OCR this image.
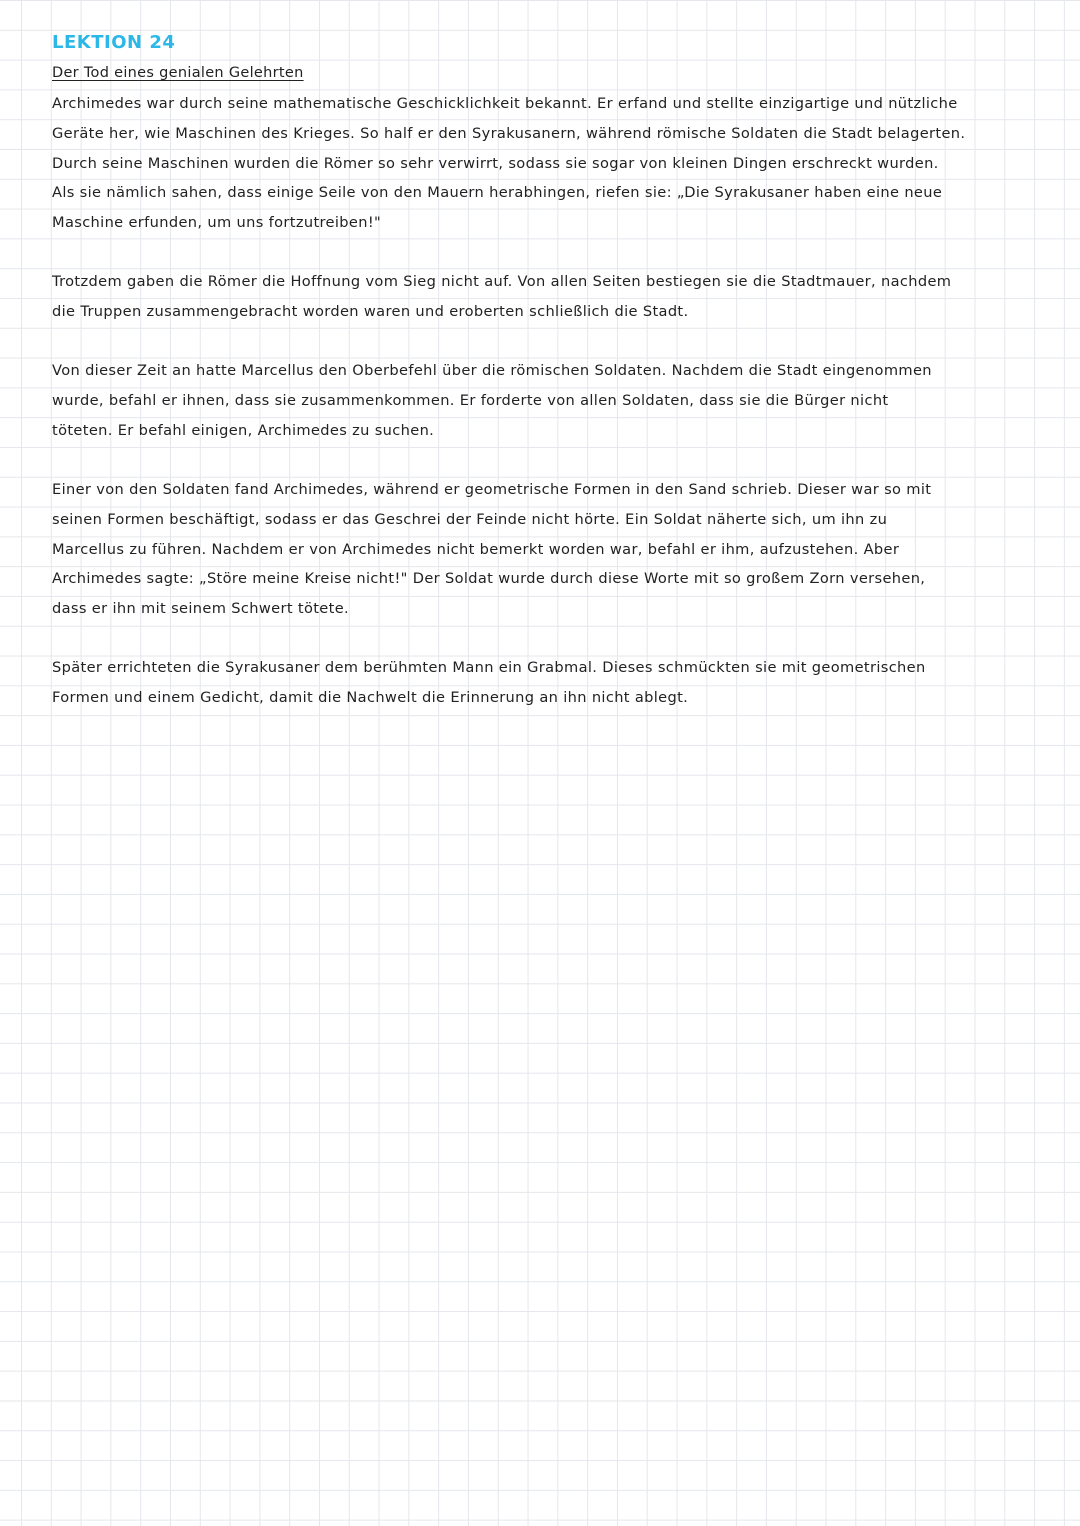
LEKTION 24
Der Tod eines genialen Gelehrten
Archimedes war durch seine mathematische Geschicklichkeit bekannt. Er erfand und stellte einzigartige und nützliche
Geräte her, wie Maschinen des Krieges. So half er den Syrakusanern, während römische Soldaten die Stadt belagerten.
Durch seine Maschinen wurden die Römer so sehr verwirrt, sodass sie sogar von kleinen Dingen erschreckt wurden.
Als sie nämlich sahen, dass einige Seile von den Mauern herabhingen, riefen sie: „Die Syrakusaner haben eine neue
Maschine erfunden, um uns fortzutreiben!"
Trotzdem gaben die Römer die Hoffnung vom Sieg nicht auf. Von allen Seiten bestiegen sie die Stadtmauer, nachdem
die Truppen zusammengebracht worden waren und eroberten schließlich die Stadt.
Von dieser Zeit an hatte Marcellus den Oberbefehl über die römischen Soldaten. Nachdem die Stadt eingenommen
wurde, befahl er ihnen, dass sie zusammenkommen. Er forderte von allen Soldaten, dass sie die Bürger nicht
töteten. Er befahl einigen, Archimedes zu suchen.
Einer von den Soldaten fand Archimedes, während er geometrische Formen in den Sand schrieb. Dieser war so mit
seinen Formen beschäftigt, sodass er das Geschrei der Feinde nicht hörte. Ein Soldat näherte sich, um ihn zu
Marcellus zu führen. Nachdem er von Archimedes nicht bemerkt worden war, befahl er ihm, aufzustehen. Aber
Archimedes sagte: „Störe meine Kreise nicht!" Der Soldat wurde durch diese Worte mit so großem Zorn versehen,
dass er ihn mit seinem Schwert tötete.
Später errichteten die Syrakusaner dem berühmten Mann ein Grabmal. Dieses schmückten sie mit geometrischen
Formen und einem Gedicht, damit die Nachwelt die Erinnerung an ihn nicht ablegt.
